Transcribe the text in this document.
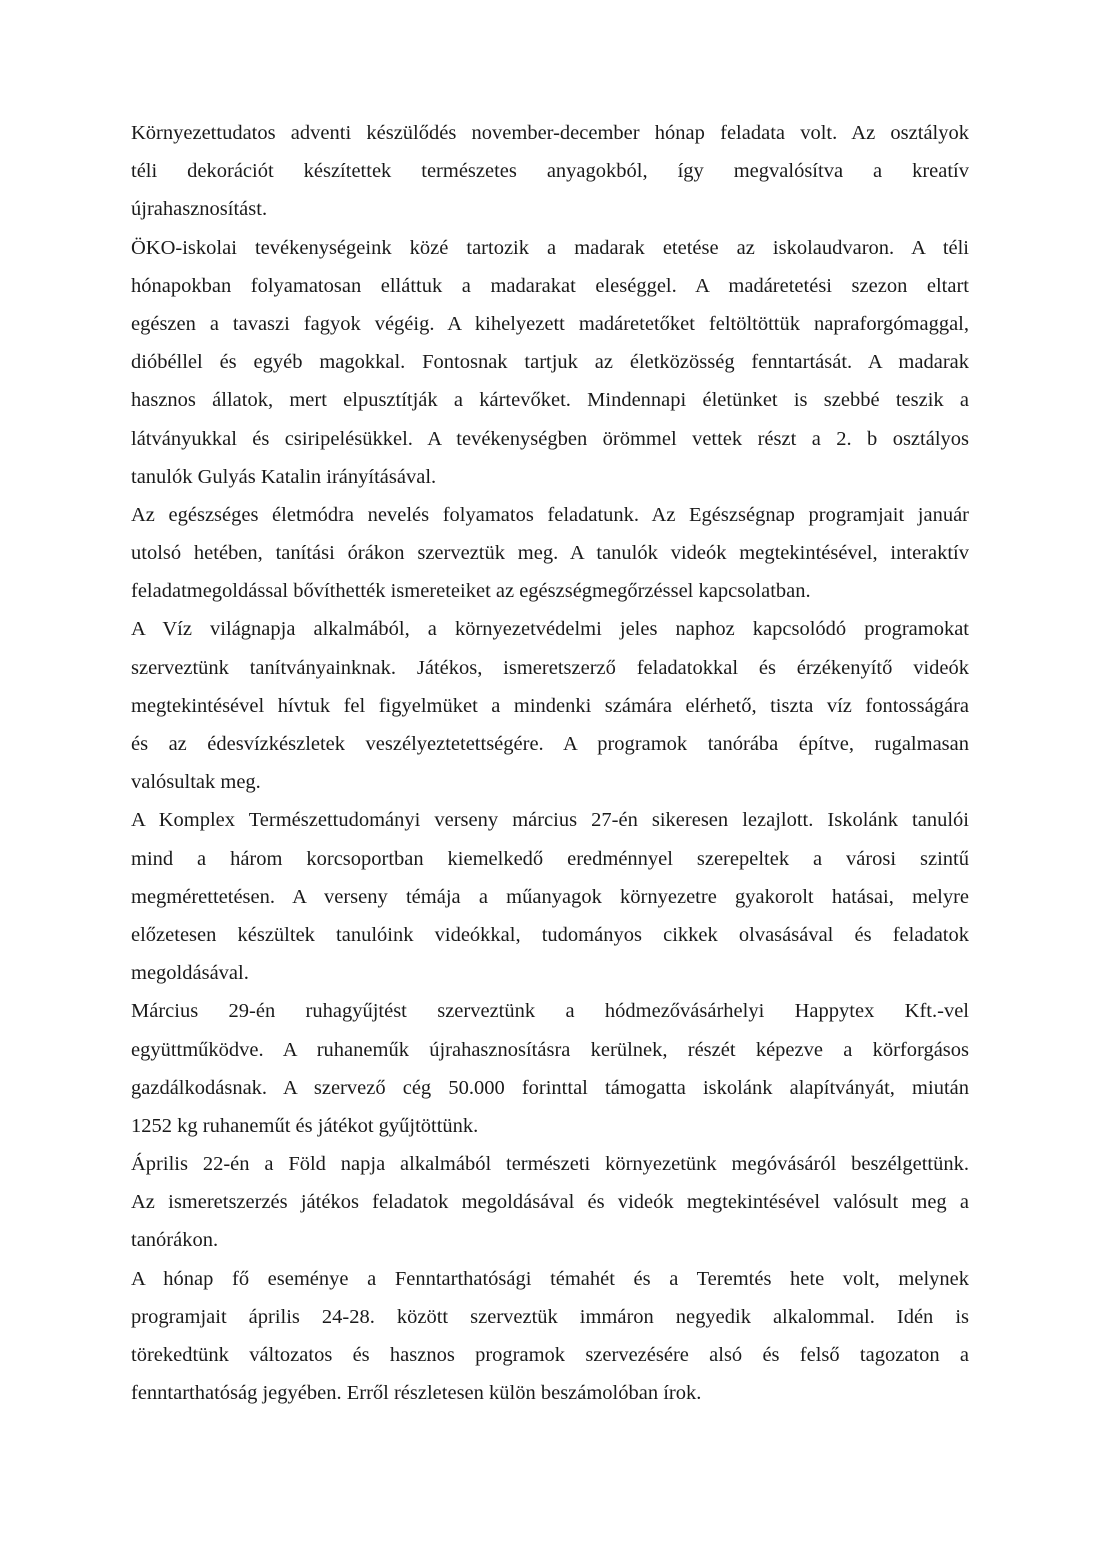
Környezettudatos adventi készülődés november-december hónap feladata volt. Az osztályok
téli dekorációt készítettek természetes anyagokból, így megvalósítva a kreatív
újrahasznosítást.
ÖKO-iskolai tevékenységeink közé tartozik a madarak etetése az iskolaudvaron. A téli
hónapokban folyamatosan elláttuk a madarakat eleséggel. A madáretetési szezon eltart
egészen a tavaszi fagyok végéig. A kihelyezett madáretetőket feltöltöttük napraforgómaggal,
dióbéllel és egyéb magokkal. Fontosnak tartjuk az életközösség fenntartását. A madarak
hasznos állatok, mert elpusztítják a kártevőket. Mindennapi életünket is szebbé teszik a
látványukkal és csiripelésükkel. A tevékenységben örömmel vettek részt a 2. b osztályos
tanulók Gulyás Katalin irányításával.
Az egészséges életmódra nevelés folyamatos feladatunk. Az Egészségnap programjait január
utolsó hetében, tanítási órákon szerveztük meg. A tanulók videók megtekintésével, interaktív
feladatmegoldással bővíthették ismereteiket az egészségmegőrzéssel kapcsolatban.
A Víz világnapja alkalmából, a környezetvédelmi jeles naphoz kapcsolódó programokat
szerveztünk tanítványainknak. Játékos, ismeretszerző feladatokkal és érzékenyítő videók
megtekintésével hívtuk fel figyelmüket a mindenki számára elérhető, tiszta víz fontosságára
és az édesvízkészletek veszélyeztetettségére. A programok tanórába építve, rugalmasan
valósultak meg.
A Komplex Természettudományi verseny március 27-én sikeresen lezajlott. Iskolánk tanulói
mind a három korcsoportban kiemelkedő eredménnyel szerepeltek a városi szintű
megmérettetésen. A verseny témája a műanyagok környezetre gyakorolt hatásai, melyre
előzetesen készültek tanulóink videókkal, tudományos cikkek olvasásával és feladatok
megoldásával.
Március 29-én ruhagyűjtést szerveztünk a hódmezővásárhelyi Happytex Kft.-vel
együttműködve. A ruhaneműk újrahasznosításra kerülnek, részét képezve a körforgásos
gazdálkodásnak. A szervező cég 50.000 forinttal támogatta iskolánk alapítványát, miután
1252 kg ruhaneműt és játékot gyűjtöttünk.
Április 22-én a Föld napja alkalmából természeti környezetünk megóvásáról beszélgettünk.
Az ismeretszerzés játékos feladatok megoldásával és videók megtekintésével valósult meg a
tanórákon.
A hónap fő eseménye a Fenntarthatósági témahét és a Teremtés hete volt, melynek
programjait április 24-28. között szerveztük immáron negyedik alkalommal. Idén is
törekedtünk változatos és hasznos programok szervezésére alsó és felső tagozaton a
fenntarthatóság jegyében. Erről részletesen külön beszámolóban írok.
